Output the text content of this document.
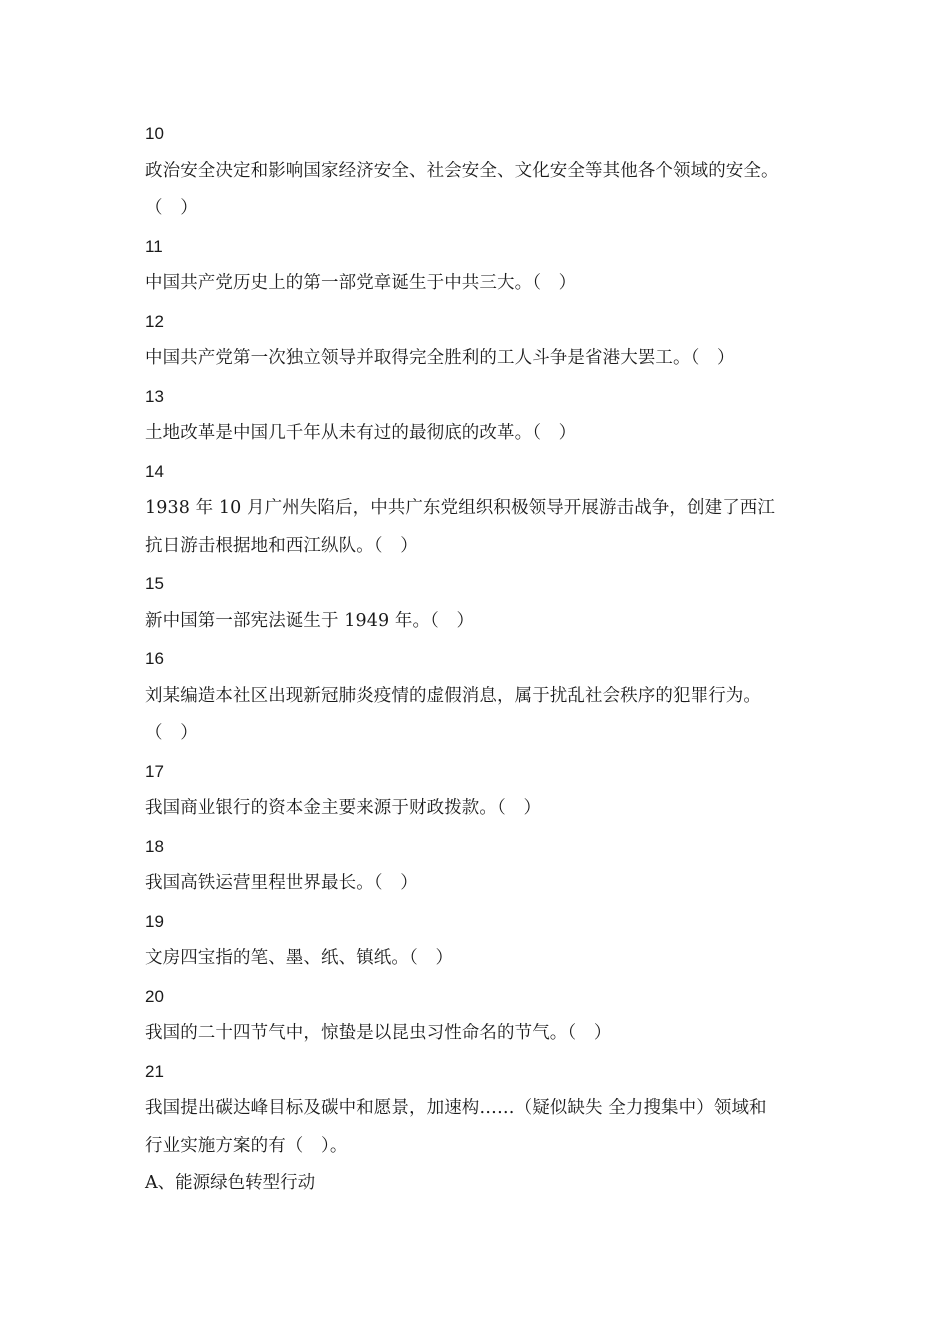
10
政治安全决定和影响国家经济安全、社会安全、文化安全等其他各个领域的安全。
（　）
11
中国共产党历史上的第一部党章诞生于中共三大。（　）
12
中国共产党第一次独立领导并取得完全胜利的工人斗争是省港大罢工。（　）
13
土地改革是中国几千年从未有过的最彻底的改革。（　）
14
1938 年 10 月广州失陷后，中共广东党组织积极领导开展游击战争，创建了西江
抗日游击根据地和西江纵队。（　）
15
新中国第一部宪法诞生于 1949 年。（　）
16
刘某编造本社区出现新冠肺炎疫情的虚假消息，属于扰乱社会秩序的犯罪行为。
（　）
17
我国商业银行的资本金主要来源于财政拨款。（　）
18
我国高铁运营里程世界最长。（　）
19
文房四宝指的笔、墨、纸、镇纸。（　）
20
我国的二十四节气中，惊蛰是以昆虫习性命名的节气。（　）
21
我国提出碳达峰目标及碳中和愿景，加速构……（疑似缺失 全力搜集中）领域和
行业实施方案的有（　）。
A、能源绿色转型行动
